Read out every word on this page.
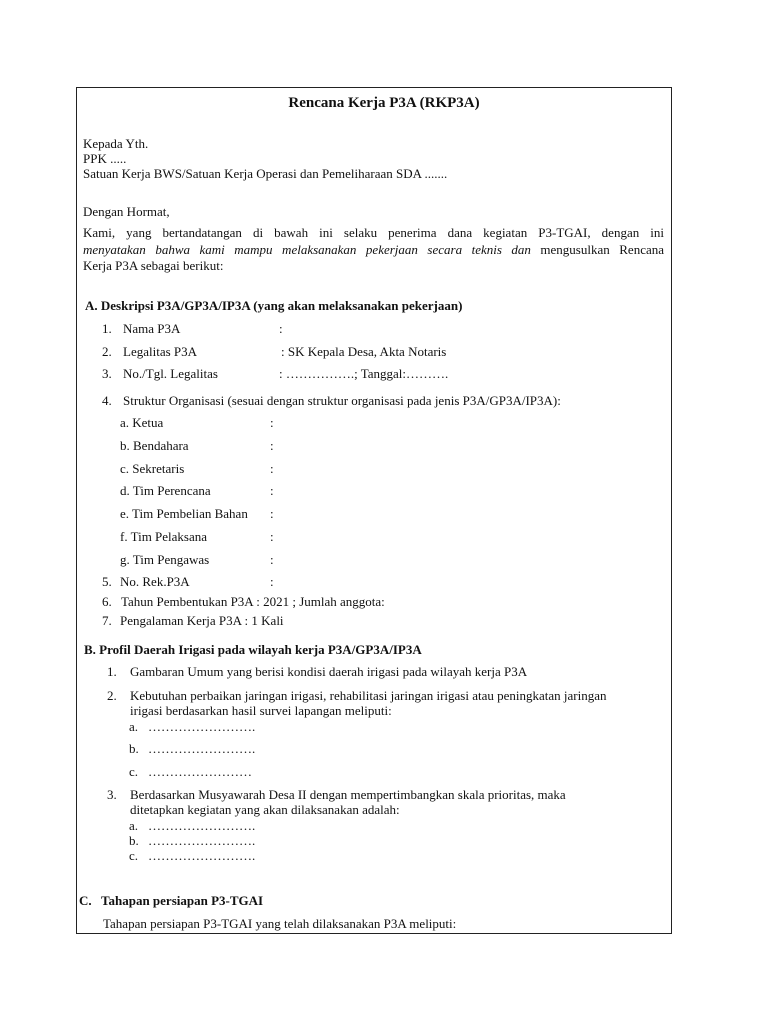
Rencana Kerja P3A (RKP3A)
Kepada Yth.
PPK .....
Satuan Kerja BWS/Satuan Kerja Operasi dan Pemeliharaan SDA .......
Dengan Hormat,
Kami, yang bertandatangan di bawah ini selaku penerima dana kegiatan P3-TGAI, dengan ini
menyatakan bahwa kami mampu melaksanakan pekerjaan secara teknis dan mengusulkan Rencana
Kerja P3A sebagai berikut:
A. Deskripsi P3A/GP3A/IP3A (yang akan melaksanakan pekerjaan)
1. Nama P3A	:
2. Legalitas P3A	: SK Kepala Desa, Akta Notaris
3. No./Tgl. Legalitas	: …………….; Tanggal:……….
4. Struktur Organisasi (sesuai dengan struktur organisasi pada jenis P3A/GP3A/IP3A):
a. Ketua	:
b. Bendahara	:
c. Sekretaris	:
d. Tim Perencana	:
e. Tim Pembelian Bahan :
f. Tim Pelaksana	:
g. Tim Pengawas	:
5. No. Rek.P3A	:
6. Tahun Pembentukan P3A : 2021 ; Jumlah anggota:
7. Pengalaman Kerja P3A : 1 Kali
B. Profil Daerah Irigasi pada wilayah kerja P3A/GP3A/IP3A
1. Gambaran Umum yang berisi kondisi daerah irigasi pada wilayah kerja P3A
2. Kebutuhan perbaikan jaringan irigasi, rehabilitasi jaringan irigasi atau peningkatan jaringan
irigasi berdasarkan hasil survei lapangan meliputi:
a. …………………….
b. …………………….
c. ……………………
3. Berdasarkan Musyawarah Desa II dengan mempertimbangkan skala prioritas, maka
ditetapkan kegiatan yang akan dilaksanakan adalah:
a. …………………….
b. …………………….
c. …………………….
C. Tahapan persiapan P3-TGAI
Tahapan persiapan P3-TGAI yang telah dilaksanakan P3A meliputi:
